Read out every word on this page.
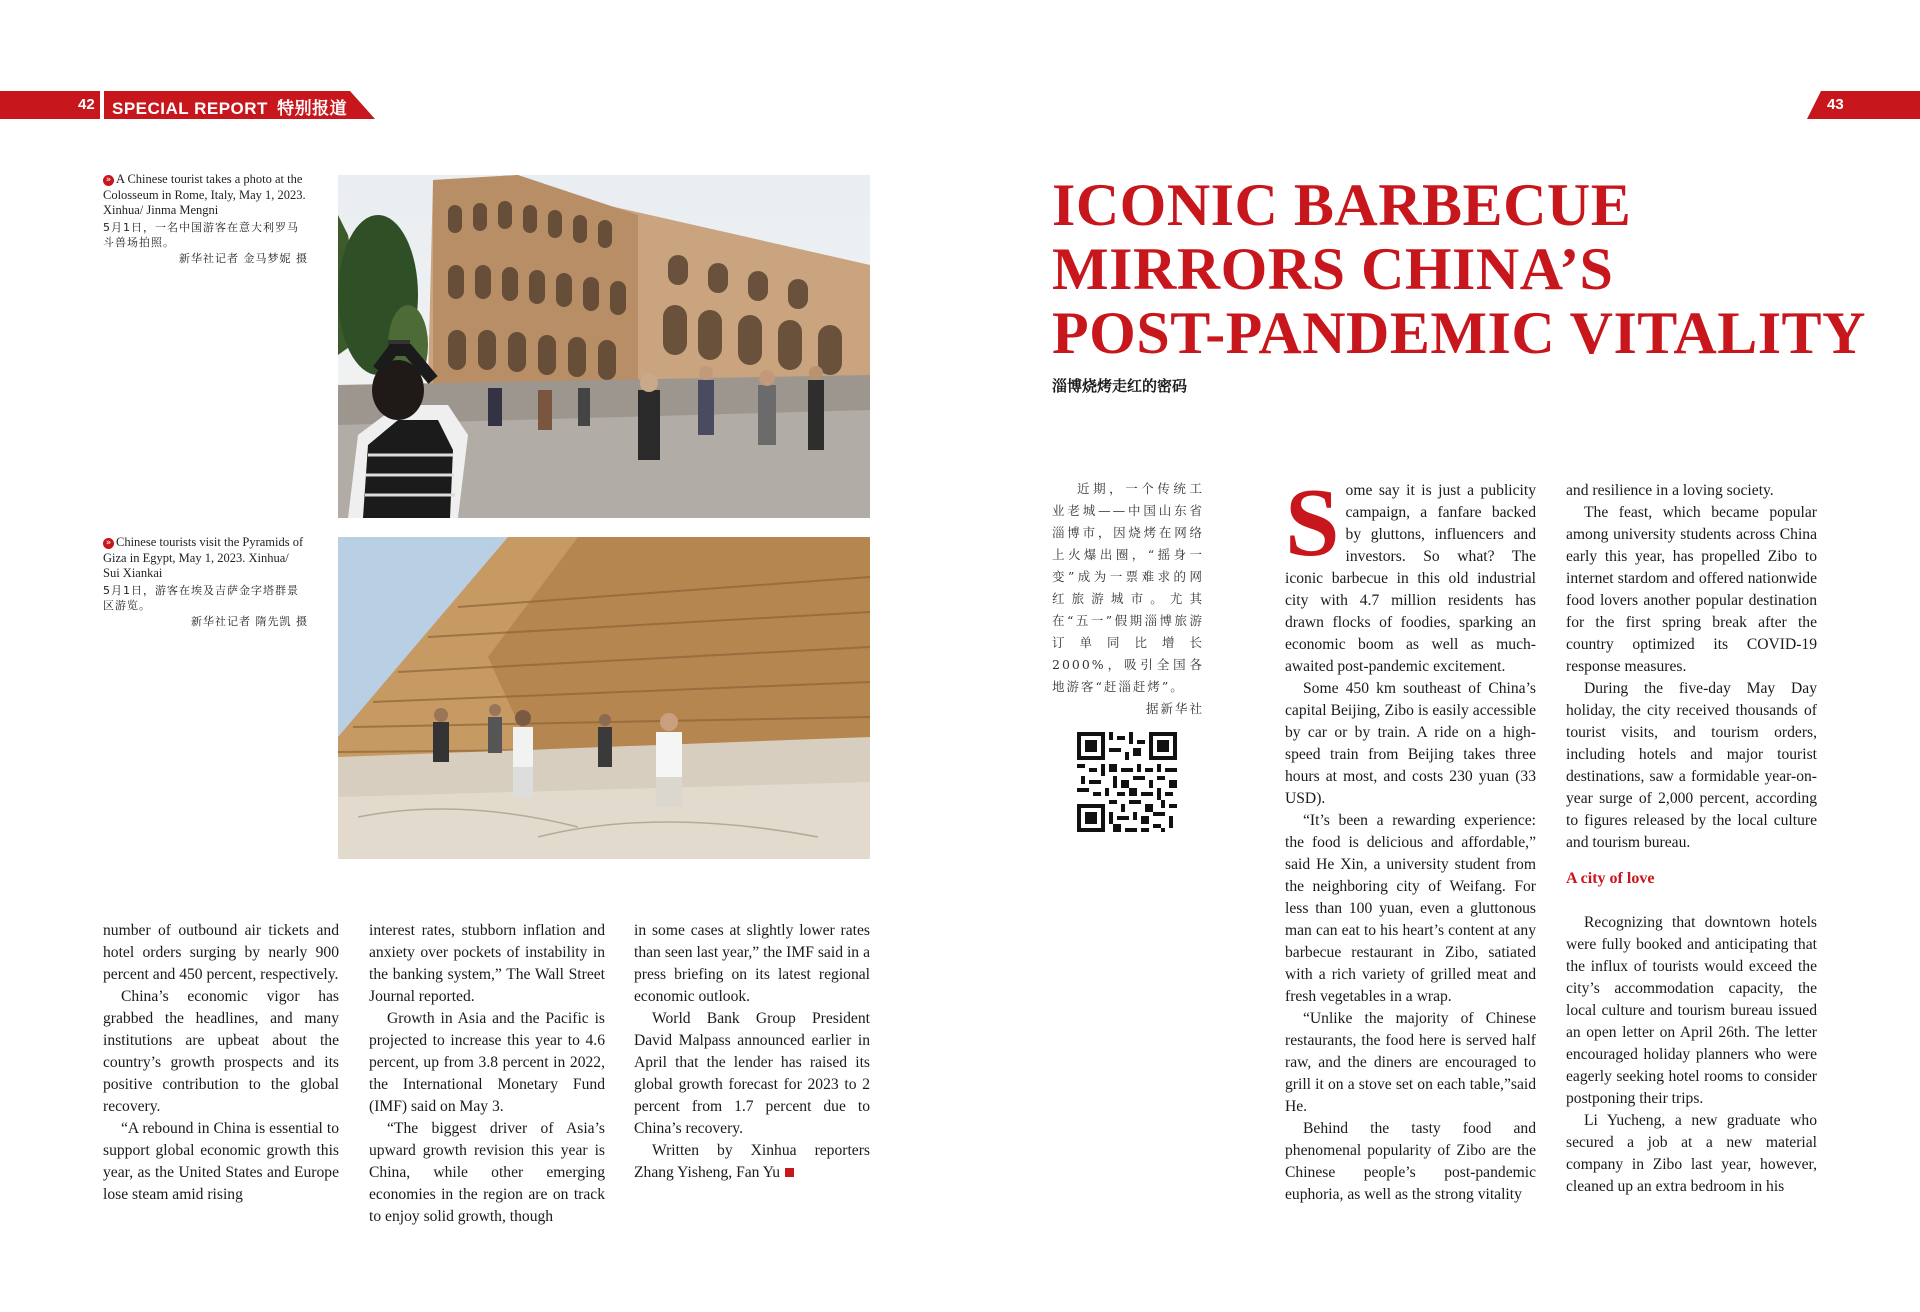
42 SPECIAL REPORT 特别报道	43
» A Chinese tourist takes a photo at the Colosseum in Rome, Italy, May 1, 2023. Xinhua/ Jinma Mengni
5月1日，一名中国游客在意大利罗马斗兽场拍照。
新华社记者 金马梦妮 摄
» Chinese tourists visit the Pyramids of Giza in Egypt, May 1, 2023. Xinhua/ Sui Xiankai
5月1日，游客在埃及吉萨金字塔群景区游览。
新华社记者 隋先凯 摄

number of outbound air tickets and hotel orders surging by nearly 900 percent and 450 percent, respectively.

China’s economic vigor has grabbed the headlines, and many institutions are upbeat about the country’s growth prospects and its positive contribution to the global recovery.

“A rebound in China is essential to support global economic growth this year, as the United States and Europe lose steam amid rising

interest rates, stubborn inflation and anxiety over pockets of instability in the banking system,” The Wall Street Journal reported.

Growth in Asia and the Pacific is projected to increase this year to 4.6 percent, up from 3.8 percent in 2022, the International Monetary Fund (IMF) said on May 3.

“The biggest driver of Asia’s upward growth revision this year is China, while other emerging economies in the region are on track to enjoy solid growth, though

in some cases at slightly lower rates than seen last year,” the IMF said in a press briefing on its latest regional economic outlook.

World Bank Group President David Malpass announced earlier in April that the lender has raised its global growth forecast for 2023 to 2 percent from 1.7 percent due to China’s recovery.

Written by Xinhua reporters Zhang Yisheng, Fan Yu

ICONIC BARBECUE
MIRRORS CHINA’S
POST-PANDEMIC VITALITY
淄博烧烤走红的密码
近期，一个传统工业老城——中国山东省淄博市，因烧烤在网络上火爆出圈，“摇身一变”成为一票难求的网红旅游城市。尤其在“五一”假期淄博旅游订单同比增长2000%，吸引全国各地游客“赶淄赶烤”。
据新华社

Some say it is just a publicity campaign, a fanfare backed by gluttons, influencers and investors. So what? The iconic barbecue in this old industrial city with 4.7 million residents has drawn flocks of foodies, sparking an economic boom as well as much-awaited post-pandemic excitement.

Some 450 km southeast of China’s capital Beijing, Zibo is easily accessible by car or by train. A ride on a high-speed train from Beijing takes three hours at most, and costs 230 yuan (33 USD).

“It’s been a rewarding experience: the food is delicious and affordable,” said He Xin, a university student from the neighboring city of Weifang. For less than 100 yuan, even a gluttonous man can eat to his heart’s content at any barbecue restaurant in Zibo, satiated with a rich variety of grilled meat and fresh vegetables in a wrap.

“Unlike the majority of Chinese restaurants, the food here is served half raw, and the diners are encouraged to grill it on a stove set on each table,”said He.

Behind the tasty food and phenomenal popularity of Zibo are the Chinese people’s post-pandemic euphoria, as well as the strong vitality

and resilience in a loving society.

The feast, which became popular among university students across China early this year, has propelled Zibo to internet stardom and offered nationwide food lovers another popular destination for the first spring break after the country optimized its COVID-19 response measures.

During the five-day May Day holiday, the city received thousands of tourist visits, and tourism orders, including hotels and major tourist destinations, saw a formidable year-on-year surge of 2,000 percent, according to figures released by the local culture and tourism bureau.

A city of love

Recognizing that downtown hotels were fully booked and anticipating that the influx of tourists would exceed the city’s accommodation capacity, the local culture and tourism bureau issued an open letter on April 26th. The letter encouraged holiday planners who were eagerly seeking hotel rooms to consider postponing their trips.

Li Yucheng, a new graduate who secured a job at a new material company in Zibo last year, however, cleaned up an extra bedroom in his
